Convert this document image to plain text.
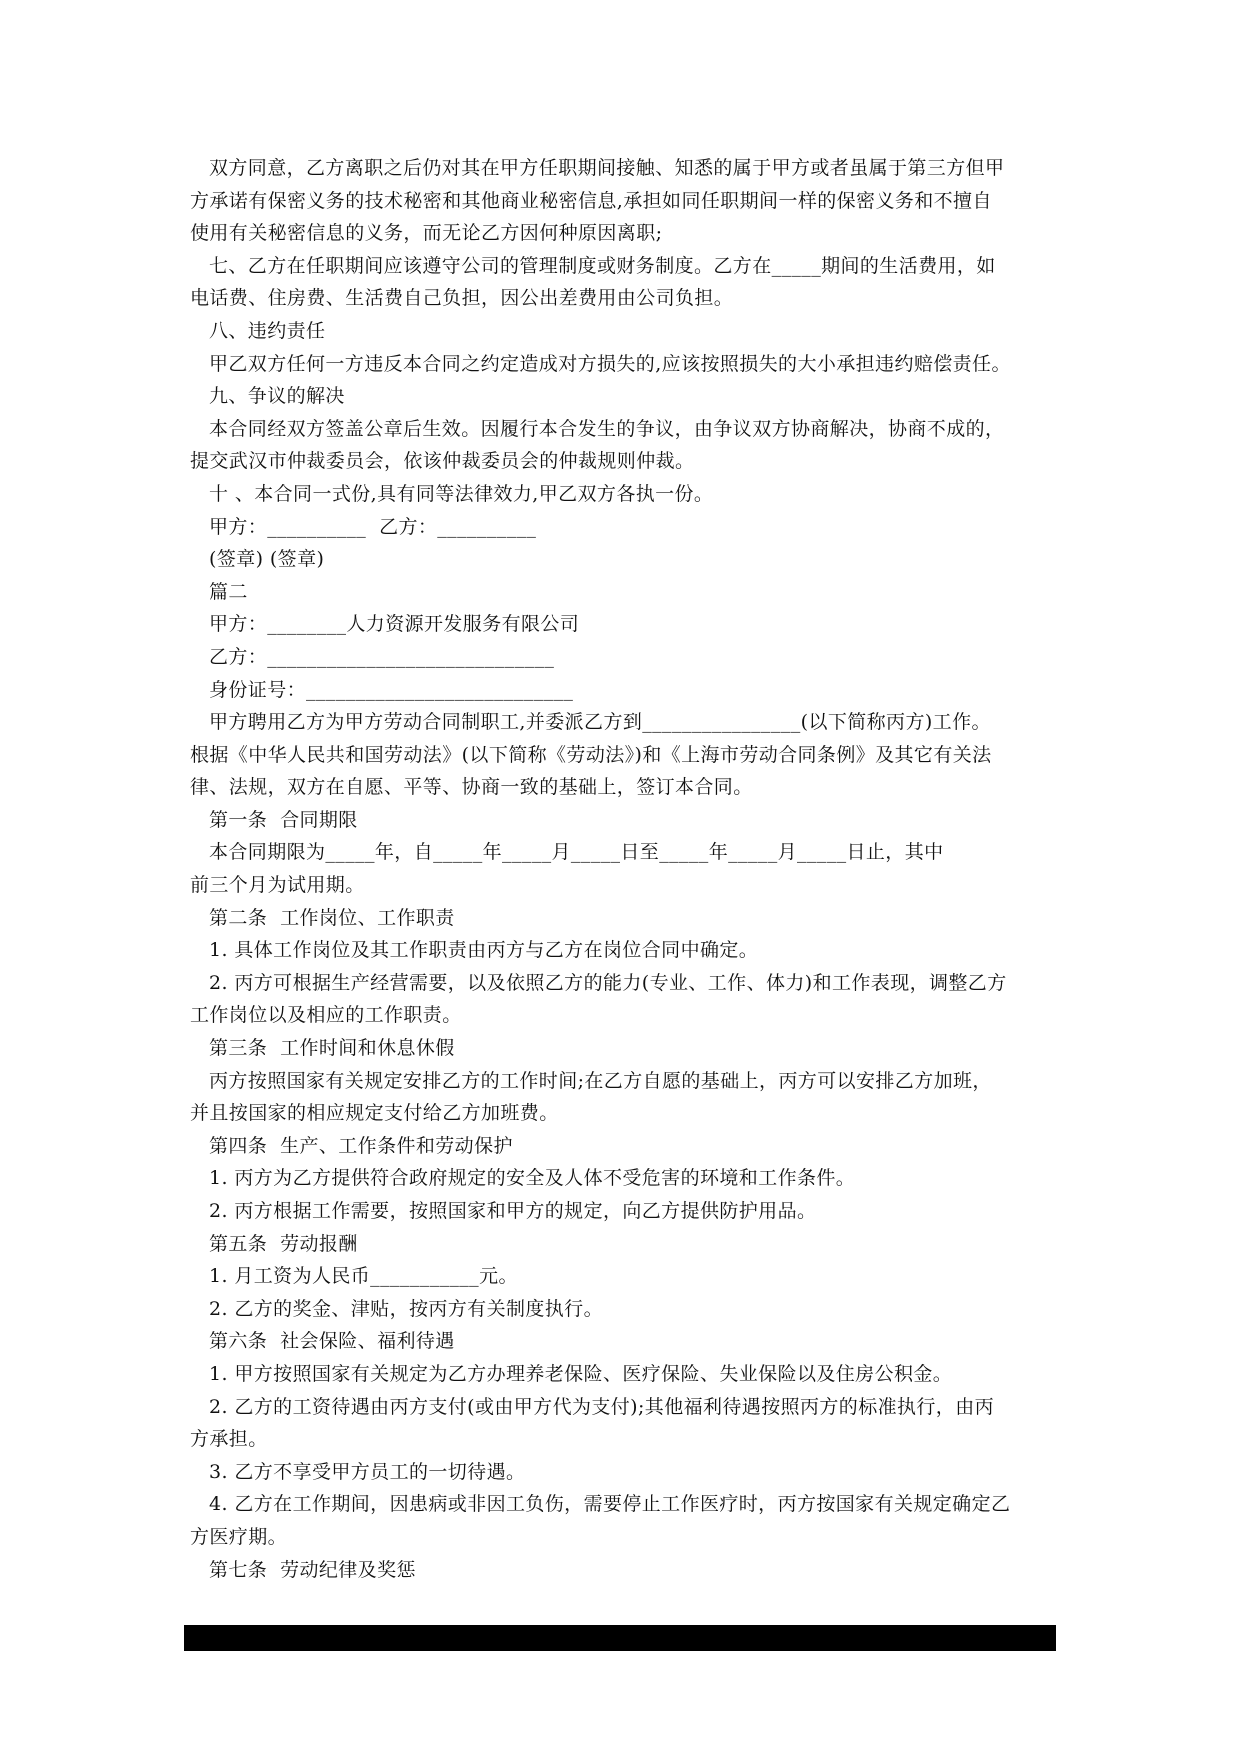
双方同意，乙方离职之后仍对其在甲方任职期间接触、知悉的属于甲方或者虽属于第三方但甲
方承诺有保密义务的技术秘密和其他商业秘密信息,承担如同任职期间一样的保密义务和不擅自
使用有关秘密信息的义务，而无论乙方因何种原因离职;
七、乙方在任职期间应该遵守公司的管理制度或财务制度。乙方在_____期间的生活费用，如
电话费、住房费、生活费自己负担，因公出差费用由公司负担。
八、违约责任
甲乙双方任何一方违反本合同之约定造成对方损失的,应该按照损失的大小承担违约赔偿责任。
九、争议的解决
本合同经双方签盖公章后生效。因履行本合发生的争议，由争议双方协商解决，协商不成的，
提交武汉市仲裁委员会，依该仲裁委员会的仲裁规则仲裁。
十 、本合同一式份,具有同等法律效力,甲乙双方各执一份。
甲方：__________  乙方：__________
(签章) (签章)
篇二
甲方：________人力资源开发服务有限公司
乙方：_____________________________
身份证号：___________________________
甲方聘用乙方为甲方劳动合同制职工,并委派乙方到________________(以下简称丙方)工作。
根据《中华人民共和国劳动法》(以下简称《劳动法》)和《上海市劳动合同条例》及其它有关法
律、法规，双方在自愿、平等、协商一致的基础上，签订本合同。
第一条  合同期限
本合同期限为_____年，自_____年_____月_____日至_____年_____月_____日止，其中
前三个月为试用期。
第二条  工作岗位、工作职责
1. 具体工作岗位及其工作职责由丙方与乙方在岗位合同中确定。
2. 丙方可根据生产经营需要，以及依照乙方的能力(专业、工作、体力)和工作表现，调整乙方
工作岗位以及相应的工作职责。
第三条  工作时间和休息休假
丙方按照国家有关规定安排乙方的工作时间;在乙方自愿的基础上，丙方可以安排乙方加班，
并且按国家的相应规定支付给乙方加班费。
第四条  生产、工作条件和劳动保护
1. 丙方为乙方提供符合政府规定的安全及人体不受危害的环境和工作条件。
2. 丙方根据工作需要，按照国家和甲方的规定，向乙方提供防护用品。
第五条  劳动报酬
1. 月工资为人民币___________元。
2. 乙方的奖金、津贴，按丙方有关制度执行。
第六条  社会保险、福利待遇
1. 甲方按照国家有关规定为乙方办理养老保险、医疗保险、失业保险以及住房公积金。
2. 乙方的工资待遇由丙方支付(或由甲方代为支付);其他福利待遇按照丙方的标准执行，由丙
方承担。
3. 乙方不享受甲方员工的一切待遇。
4. 乙方在工作期间，因患病或非因工负伤，需要停止工作医疗时，丙方按国家有关规定确定乙
方医疗期。
第七条  劳动纪律及奖惩

第 2 页  /总页数  7  页
